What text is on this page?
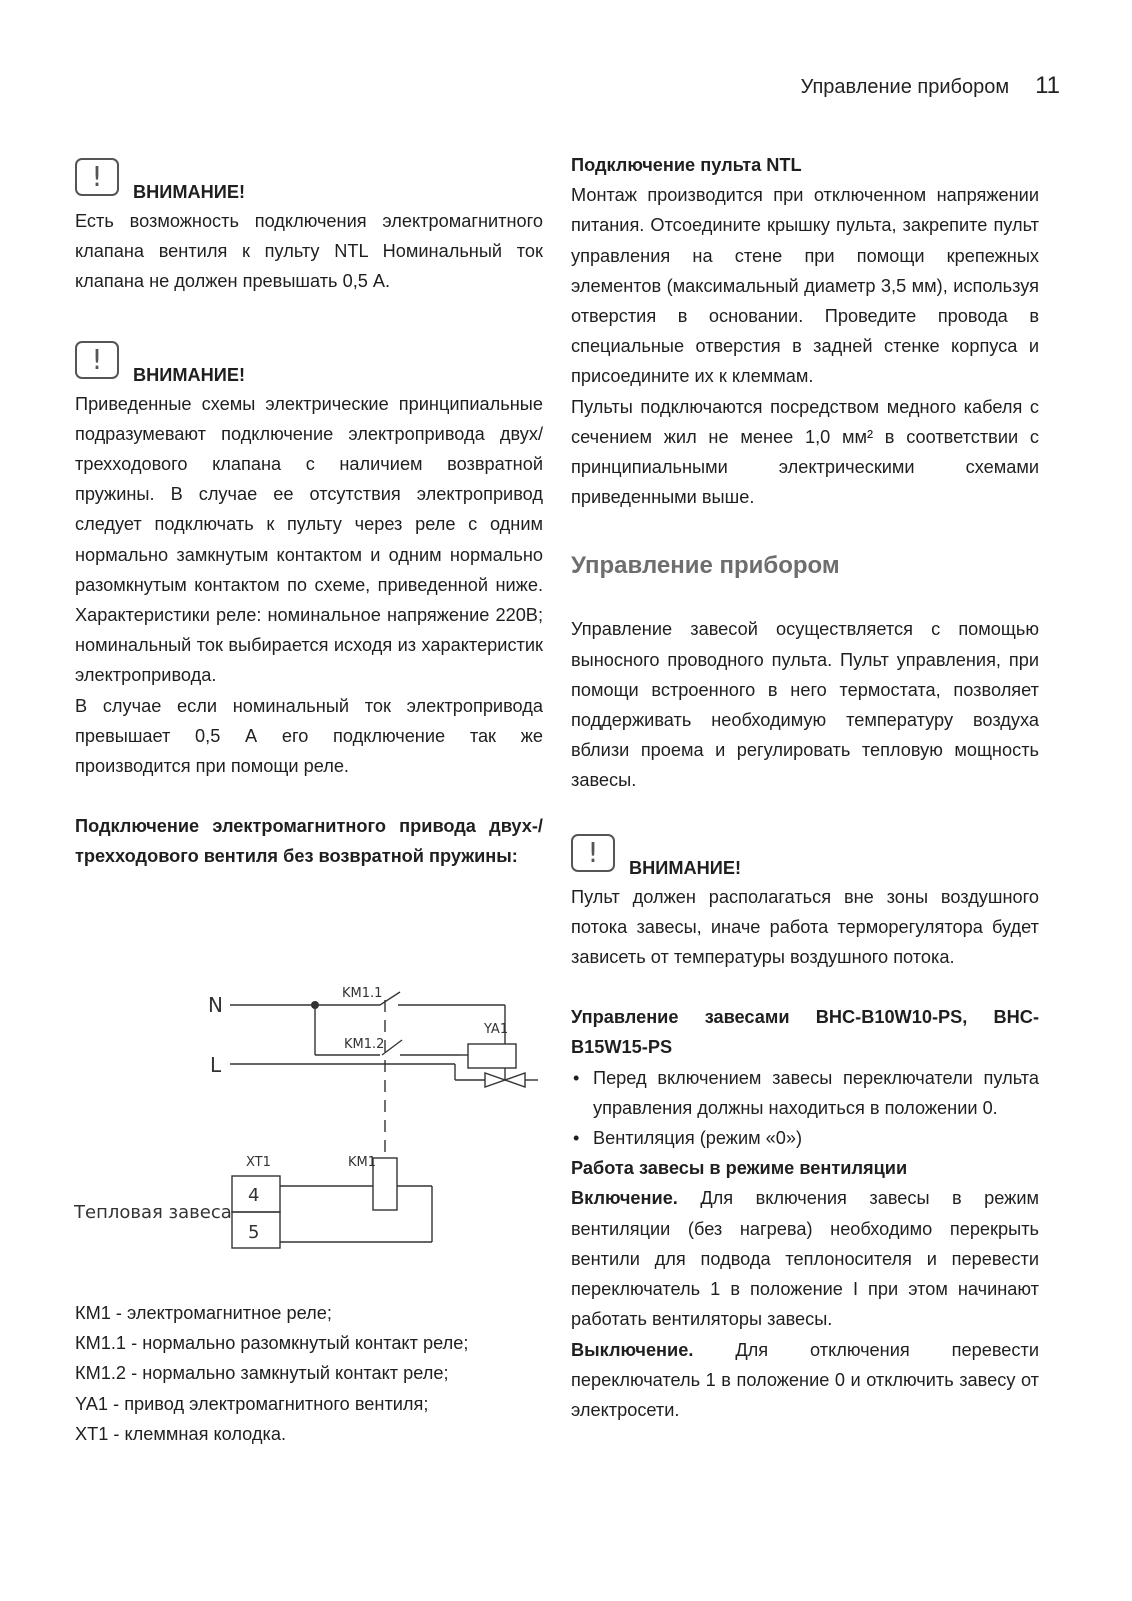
Управление прибором 11
!	ВНИМАНИЕ!

Есть возможность подключения электромагнитного клапана вентиля к пульту NTL Номинальный ток клапана не должен превышать 0,5 А.

!	ВНИМАНИЕ!

Приведенные схемы электрические принципиальные подразумевают подключение электропривода двух/трехходового клапана с наличием возвратной пружины. В случае ее отсутствия электропривод следует подключать к пульту через реле с одним нормально замкнутым контактом и одним нормально разомкнутым контактом по схеме, приведенной ниже. Характеристики реле: номинальное напряжение 220В; номинальный ток выбирается исходя из характеристик электропривода.

В случае если номинальный ток электропривода превышает 0,5 А его подключение так же производится при помощи реле.

Подключение электромагнитного привода двух-/трехходового вентиля без возвратной пружины:

N
L
KM1.1
KM1.2
YA1
XT1	KM1
4
5
Тепловая завеса

КМ1 - электромагнитное реле;

КМ1.1 - нормально разомкнутый контакт реле;

КМ1.2 - нормально замкнутый контакт реле;

YA1 - привод электромагнитного вентиля;

XT1 - клеммная колодка.

Подключение пульта NTL

Монтаж производится при отключенном напряжении питания. Отсоедините крышку пульта, закрепите пульт управления на стене при помощи крепежных элементов (максимальный диаметр 3,5 мм), используя отверстия в основании. Проведите провода в специальные отверстия в задней стенке корпуса и присоедините их к клеммам.

Пульты подключаются посредством медного кабеля с сечением жил не менее 1,0 мм² в соответствии с принципиальными электрическими схемами приведенными выше.

Управление прибором

Управление завесой осуществляется с помощью выносного проводного пульта. Пульт управления, при помощи встроенного в него термостата, позволяет поддерживать необходимую температуру воздуха вблизи проема и регулировать тепловую мощность завесы.

!	ВНИМАНИЕ!

Пульт должен располагаться вне зоны воздушного потока завесы, иначе работа терморегулятора будет зависеть от температуры воздушного потока.

Управление завесами BHC-B10W10-PS, BHC-B15W15-PS

• Перед включением завесы переключатели пульта управления должны находиться в положении 0.
• Вентиляция (режим «0»)

Работа завесы в режиме вентиляции

Включение. Для включения завесы в режим вентиляции (без нагрева) необходимо перекрыть вентили для подвода теплоносителя и перевести переключатель 1 в положение I при этом начинают работать вентиляторы завесы.

Выключение. Для отключения перевести переключатель 1 в положение 0 и отключить завесу от электросети.
